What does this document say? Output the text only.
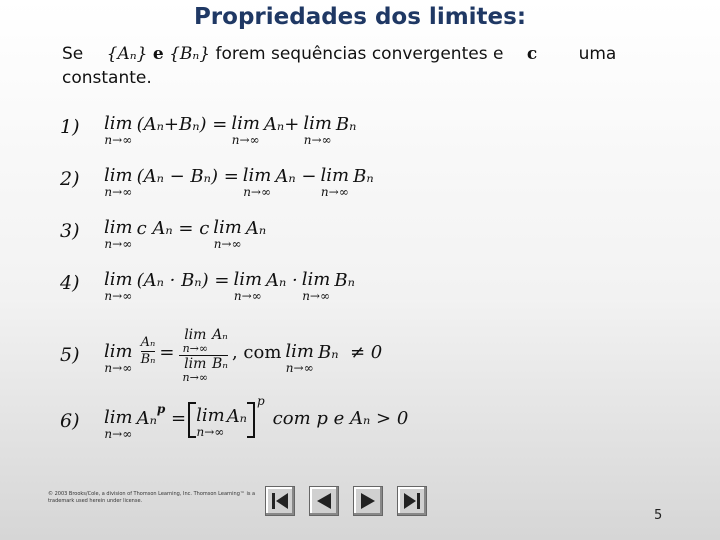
Propriedades dos limites:
Se {Aₙ} e {Bₙ} forem sequências convergentes e c uma
constante.
1)	lim
n→∞
(Aₙ+Bₙ) = lim
n→∞
Aₙ+ lim
n→∞
Bₙ
2)	lim
n→∞
(Aₙ − Bₙ) = lim
n→∞
Aₙ − lim
n→∞
Bₙ
3)	lim
n→∞
c Aₙ = c lim
n→∞
Aₙ
4)	lim
n→∞
(Aₙ · Bₙ) = lim
n→∞
Aₙ · lim
n→∞
Bₙ
5)	lim
n→∞
$\frac{\text{Aₙ}}{\text{Bₙ}}$ =
lim
n→∞
Aₙ
lim
n→∞
Bₙ
, com lim
n→∞
Bₙ  ≠ 0
6)	lim
n→∞
Aₙ p = lim
n→∞
Aₙ
p
com p e Aₙ > 0
© 2003 Brooks/Cole, a division of Thomson Learning, Inc. Thomson Learning™ is a trademark used herein under license.
5
